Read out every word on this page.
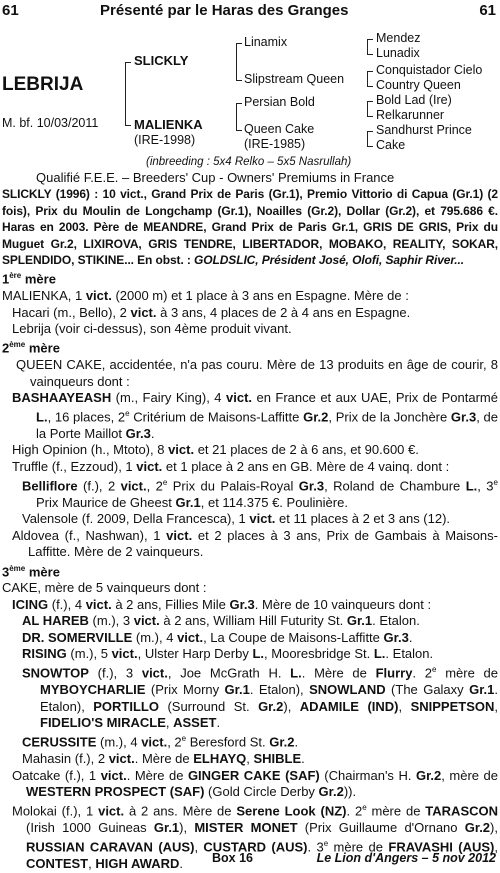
61	Présenté par le Haras des Granges	61
LEBRIJA
M. bf. 10/03/2011
SLICKLY
MALIENKA
(IRE-1998)
Linamix
Slipstream Queen
Persian Bold
Queen Cake
(IRE-1985)
Mendez
Lunadix
Conquistador Cielo
Country Queen
Bold Lad (Ire)
Relkarunner
Sandhurst Prince
Cake
(inbreeding : 5x4 Relko – 5x5 Nasrullah)

Qualifié F.E.E. – Breeders' Cup - Owners' Premiums in France

SLICKLY (1996) : 10 vict., Grand Prix de Paris (Gr.1), Premio Vittorio di Capua (Gr.1) (2 fois), Prix du Moulin de Longchamp (Gr.1), Noailles (Gr.2), Dollar (Gr.2), et 795.686 €. Haras en 2003. Père de MEANDRE, Grand Prix de Paris Gr.1, GRIS DE GRIS, Prix du Muguet Gr.2, LIXIROVA, GRIS TENDRE, LIBERTADOR, MOBAKO, REALITY, SOKAR, SPLENDIDO, STIKINE... En obst. : GOLDSLIC, Président José, Olofi, Saphir River...

1ère mère

MALIENKA, 1 vict. (2000 m) et 1 place à 3 ans en Espagne. Mère de :

Hacari (m., Bello), 2 vict. à 3 ans, 4 places de 2 à 4 ans en Espagne.

Lebrija (voir ci-dessus), son 4ème produit vivant.

2ème mère

QUEEN CAKE, accidentée, n'a pas couru. Mère de 13 produits en âge de courir, 8 vainqueurs dont :

BASHAAYEASH (m., Fairy King), 4 vict. en France et aux UAE, Prix de Pontarmé L., 16 places, 2e Critérium de Maisons-Laffitte Gr.2, Prix de la Jonchère Gr.3, de la Porte Maillot Gr.3.

High Opinion (h., Mtoto), 8 vict. et 21 places de 2 à 6 ans, et 90.600 €.

Truffle (f., Ezzoud), 1 vict. et 1 place à 2 ans en GB. Mère de 4 vainq. dont :

Belliflore (f.), 2 vict., 2e Prix du Palais-Royal Gr.3, Roland de Chambure L., 3e Prix Maurice de Gheest Gr.1, et 114.375 €. Poulinière.

Valensole (f. 2009, Della Francesca), 1 vict. et 11 places à 2 et 3 ans (12).

Aldovea (f., Nashwan), 1 vict. et 2 places à 3 ans, Prix de Gambais à Maisons-Laffitte. Mère de 2 vainqueurs.

3ème mère

CAKE, mère de 5 vainqueurs dont :

ICING (f.), 4 vict. à 2 ans, Fillies Mile Gr.3. Mère de 10 vainqueurs dont :

AL HAREB (m.), 3 vict. à 2 ans, William Hill Futurity St. Gr.1. Etalon.

DR. SOMERVILLE (m.), 4 vict., La Coupe de Maisons-Laffitte Gr.3.

RISING (m.), 5 vict., Ulster Harp Derby L., Mooresbridge St. L.. Etalon.

SNOWTOP (f.), 3 vict., Joe McGrath H. L.. Mère de Flurry. 2e mère de MYBOYCHARLIE (Prix Morny Gr.1. Etalon), SNOWLAND (The Galaxy Gr.1. Etalon), PORTILLO (Surround St. Gr.2), ADAMILE (IND), SNIPPETSON, FIDELIO'S MIRACLE, ASSET.

CERUSSITE (m.), 4 vict., 2e Beresford St. Gr.2.

Mahasin (f.), 2 vict.. Mère de ELHAYQ, SHIBLE.

Oatcake (f.), 1 vict.. Mère de GINGER CAKE (SAF) (Chairman's H. Gr.2, mère de WESTERN PROSPECT (SAF) (Gold Circle Derby Gr.2)).

Molokai (f.), 1 vict. à 2 ans. Mère de Serene Look (NZ). 2e mère de TARASCON (Irish 1000 Guineas Gr.1), MISTER MONET (Prix Guillaume d'Ornano Gr.2), RUSSIAN CARAVAN (AUS), CUSTARD (AUS). 3e mère de FRAVASHI (AUS), CONTEST, HIGH AWARD.	Box 16	Le Lion d'Angers – 5 nov 2012
